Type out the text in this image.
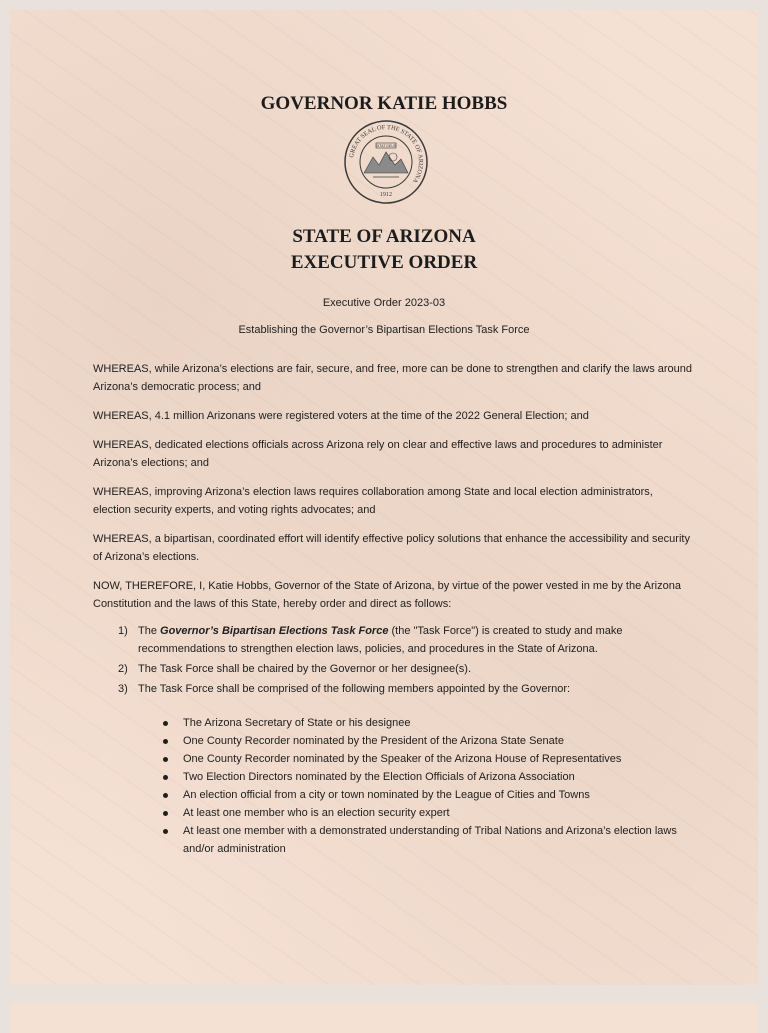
GOVERNOR KATIE HOBBS
GREAT SEAL OF THE STATE OF ARIZONA
DITAT DEUS
1912
STATE OF ARIZONA
EXECUTIVE ORDER
Executive Order 2023-03
Establishing the Governor’s Bipartisan Elections Task Force

WHEREAS, while Arizona’s elections are fair, secure, and free, more can be done to strengthen and clarify the laws around Arizona’s democratic process; and

WHEREAS, 4.1 million Arizonans were registered voters at the time of the 2022 General Election; and

WHEREAS, dedicated elections officials across Arizona rely on clear and effective laws and procedures to administer Arizona’s elections; and

WHEREAS, improving Arizona’s election laws requires collaboration among State and local election administrators, election security experts, and voting rights advocates; and

WHEREAS, a bipartisan, coordinated effort will identify effective policy solutions that enhance the accessibility and security of Arizona’s elections.

NOW, THEREFORE, I, Katie Hobbs, Governor of the State of Arizona, by virtue of the power vested in me by the Arizona Constitution and the laws of this State, hereby order and direct as follows:

1) The Governor’s Bipartisan Elections Task Force (the "Task Force") is created to study and make recommendations to strengthen election laws, policies, and procedures in the State of Arizona.
2) The Task Force shall be chaired by the Governor or her designee(s).
3) The Task Force shall be comprised of the following members appointed by the Governor:
The Arizona Secretary of State or his designee
One County Recorder nominated by the President of the Arizona State Senate
One County Recorder nominated by the Speaker of the Arizona House of Representatives
Two Election Directors nominated by the Election Officials of Arizona Association
An election official from a city or town nominated by the League of Cities and Towns
At least one member who is an election security expert
At least one member with a demonstrated understanding of Tribal Nations and Arizona’s election laws and/or administration
